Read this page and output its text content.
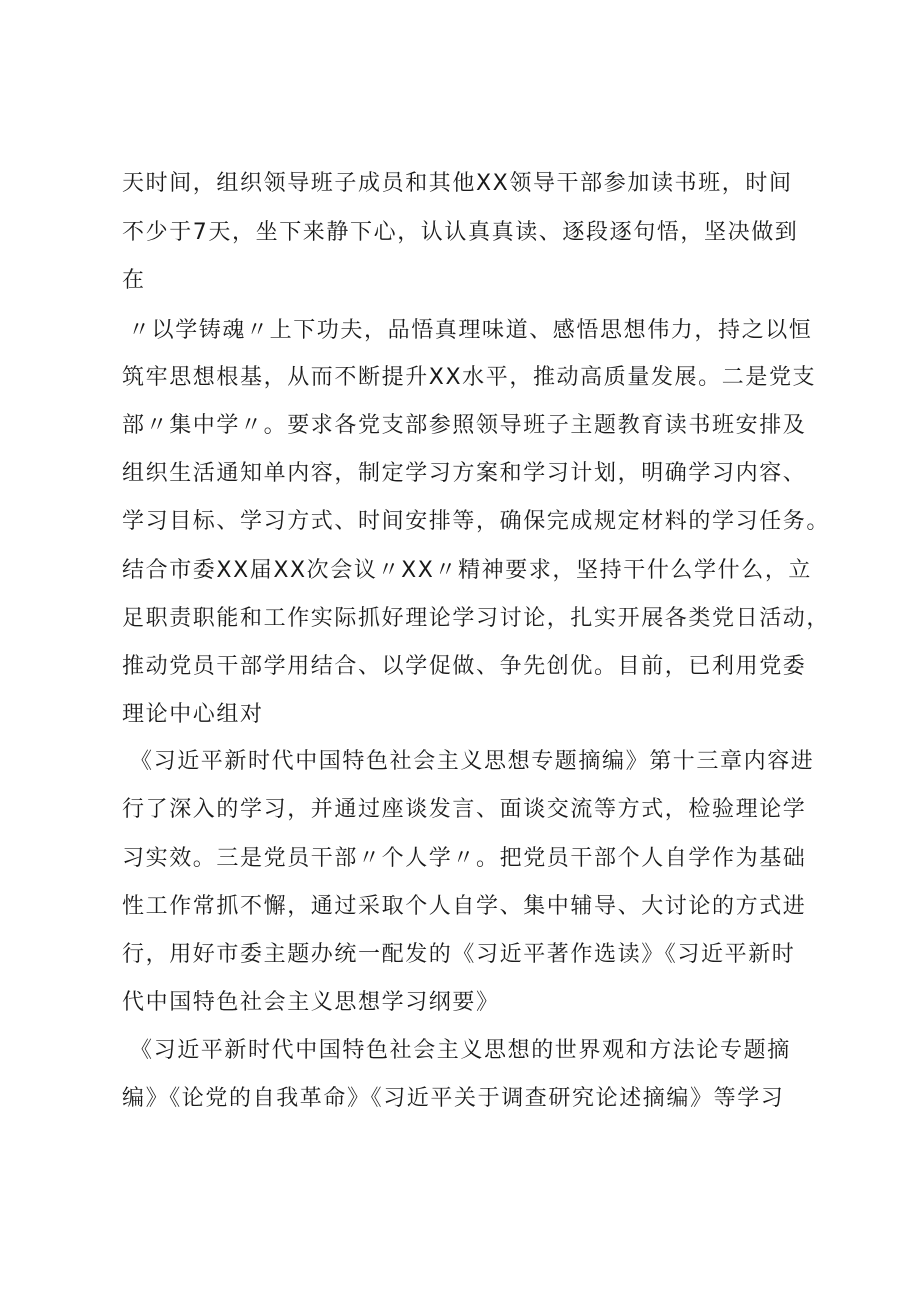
天时间，组织领导班子成员和其他XX领导干部参加读书班，时间
不少于7天，坐下来静下心，认认真真读、逐段逐句悟，坚决做到
在
〃以学铸魂〃上下功夫，品悟真理味道、感悟思想伟力，持之以恒
筑牢思想根基，从而不断提升XX水平，推动高质量发展。二是党支
部〃集中学〃。要求各党支部参照领导班子主题教育读书班安排及
组织生活通知单内容，制定学习方案和学习计划，明确学习内容、
学习目标、学习方式、时间安排等，确保完成规定材料的学习任务。
结合市委XX届XX次会议〃XX〃精神要求，坚持干什么学什么，立
足职责职能和工作实际抓好理论学习讨论，扎实开展各类党日活动，
推动党员干部学用结合、以学促做、争先创优。目前，已利用党委
理论中心组对
《习近平新时代中国特色社会主义思想专题摘编》第十三章内容进
行了深入的学习，并通过座谈发言、面谈交流等方式，检验理论学
习实效。三是党员干部〃个人学〃。把党员干部个人自学作为基础
性工作常抓不懈，通过采取个人自学、集中辅导、大讨论的方式进
行，用好市委主题办统一配发的《习近平著作选读》《习近平新时
代中国特色社会主义思想学习纲要》
《习近平新时代中国特色社会主义思想的世界观和方法论专题摘
编》《论党的自我革命》《习近平关于调查研究论述摘编》等学习
